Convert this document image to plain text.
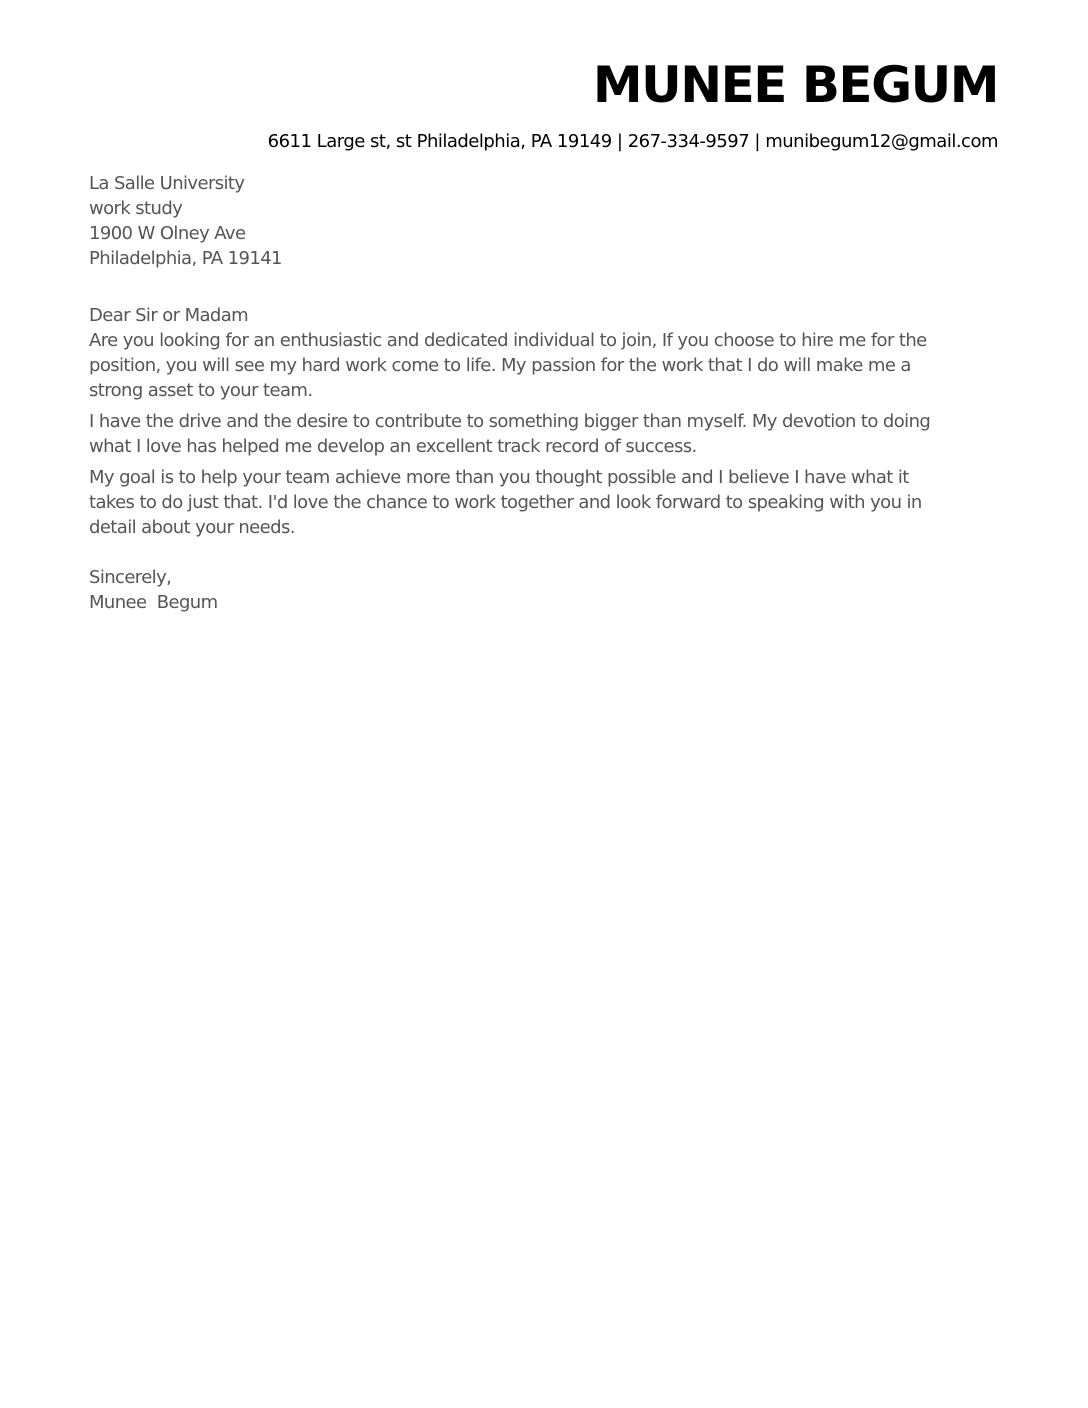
MUNEE BEGUM
6611 Large st, st Philadelphia, PA 19149 | 267-334-9597 | munibegum12@gmail.com
La Salle University
work study
1900 W Olney Ave
Philadelphia, PA 19141
Dear Sir or Madam
Are you looking for an enthusiastic and dedicated individual to join, If you choose to hire me for the
position, you will see my hard work come to life. My passion for the work that I do will make me a
strong asset to your team.
I have the drive and the desire to contribute to something bigger than myself. My devotion to doing
what I love has helped me develop an excellent track record of success.
My goal is to help your team achieve more than you thought possible and I believe I have what it
takes to do just that. I'd love the chance to work together and look forward to speaking with you in
detail about your needs.
Sincerely,
Munee  Begum
